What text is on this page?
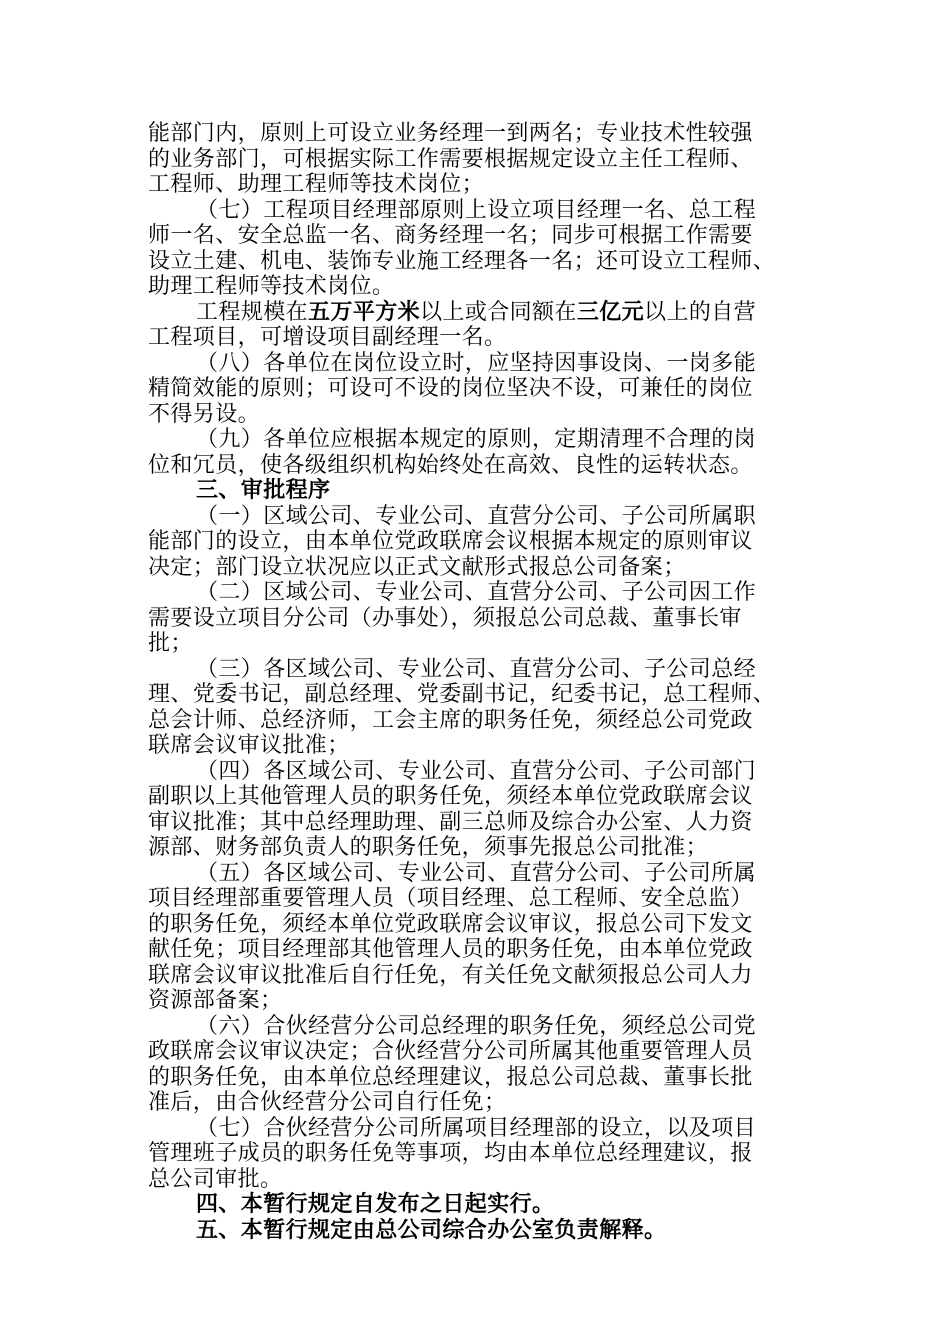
能部门内，原则上可设立业务经理一到两名；专业技术性较强
的业务部门，可根据实际工作需要根据规定设立主任工程师、
工程师、助理工程师等技术岗位；
（七）工程项目经理部原则上设立项目经理一名、总工程
师一名、安全总监一名、商务经理一名；同步可根据工作需要
设立土建、机电、装饰专业施工经理各一名；还可设立工程师、
助理工程师等技术岗位。
工程规模在五万平方米以上或合同额在三亿元以上的自营
工程项目，可增设项目副经理一名。
（八）各单位在岗位设立时，应坚持因事设岗、一岗多能
精简效能的原则；可设可不设的岗位坚决不设，可兼任的岗位
不得另设。
（九）各单位应根据本规定的原则，定期清理不合理的岗
位和冗员，使各级组织机构始终处在高效、良性的运转状态。
三、审批程序
（一）区域公司、专业公司、直营分公司、子公司所属职
能部门的设立，由本单位党政联席会议根据本规定的原则审议
决定；部门设立状况应以正式文献形式报总公司备案；
（二）区域公司、专业公司、直营分公司、子公司因工作
需要设立项目分公司（办事处），须报总公司总裁、董事长审
批；
（三）各区域公司、专业公司、直营分公司、子公司总经
理、党委书记，副总经理、党委副书记，纪委书记，总工程师、
总会计师、总经济师，工会主席的职务任免，须经总公司党政
联席会议审议批准；
（四）各区域公司、专业公司、直营分公司、子公司部门
副职以上其他管理人员的职务任免，须经本单位党政联席会议
审议批准；其中总经理助理、副三总师及综合办公室、人力资
源部、财务部负责人的职务任免，须事先报总公司批准；
（五）各区域公司、专业公司、直营分公司、子公司所属
项目经理部重要管理人员（项目经理、总工程师、安全总监）
的职务任免，须经本单位党政联席会议审议，报总公司下发文
献任免；项目经理部其他管理人员的职务任免，由本单位党政
联席会议审议批准后自行任免，有关任免文献须报总公司人力
资源部备案；
（六）合伙经营分公司总经理的职务任免，须经总公司党
政联席会议审议决定；合伙经营分公司所属其他重要管理人员
的职务任免，由本单位总经理建议，报总公司总裁、董事长批
准后，由合伙经营分公司自行任免；
（七）合伙经营分公司所属项目经理部的设立，以及项目
管理班子成员的职务任免等事项，均由本单位总经理建议，报
总公司审批。
四、本暂行规定自发布之日起实行。
五、本暂行规定由总公司综合办公室负责解释。
